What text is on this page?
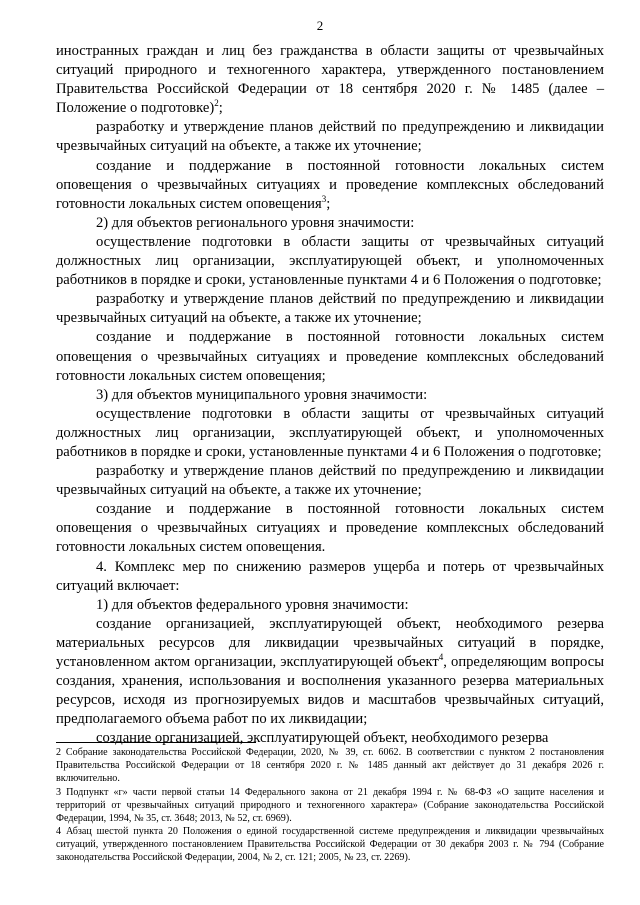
2

иностранных граждан и лиц без гражданства в области защиты от чрезвычайных ситуаций природного и техногенного характера, утвержденного постановлением Правительства Российской Федерации от 18 сентября 2020 г. № 1485 (далее – Положение о подготовке)$^2$;

разработку и утверждение планов действий по предупреждению и ликвидации чрезвычайных ситуаций на объекте, а также их уточнение;

создание и поддержание в постоянной готовности локальных систем оповещения о чрезвычайных ситуациях и проведение комплексных обследований готовности локальных систем оповещения$^3$;

2) для объектов регионального уровня значимости:

осуществление подготовки в области защиты от чрезвычайных ситуаций должностных лиц организации, эксплуатирующей объект, и уполномоченных работников в порядке и сроки, установленные пунктами 4 и 6 Положения о подготовке;

разработку и утверждение планов действий по предупреждению и ликвидации чрезвычайных ситуаций на объекте, а также их уточнение;

создание и поддержание в постоянной готовности локальных систем оповещения о чрезвычайных ситуациях и проведение комплексных обследований готовности локальных систем оповещения;

3) для объектов муниципального уровня значимости:

осуществление подготовки в области защиты от чрезвычайных ситуаций должностных лиц организации, эксплуатирующей объект, и уполномоченных работников в порядке и сроки, установленные пунктами 4 и 6 Положения о подготовке;

разработку и утверждение планов действий по предупреждению и ликвидации чрезвычайных ситуаций на объекте, а также их уточнение;

создание и поддержание в постоянной готовности локальных систем оповещения о чрезвычайных ситуациях и проведение комплексных обследований готовности локальных систем оповещения.

4. Комплекс мер по снижению размеров ущерба и потерь от чрезвычайных ситуаций включает:

1) для объектов федерального уровня значимости:

создание организацией, эксплуатирующей объект, необходимого резерва материальных ресурсов для ликвидации чрезвычайных ситуаций в порядке, установленном актом организации, эксплуатирующей объект$^4$, определяющим вопросы создания, хранения, использования и восполнения указанного резерва материальных ресурсов, исходя из прогнозируемых видов и масштабов чрезвычайных ситуаций, предполагаемого объема работ по их ликвидации;

создание организацией, эксплуатирующей объект, необходимого резерва

2 Собрание законодательства Российской Федерации, 2020, № 39, ст. 6062. В соответствии с пунктом 2 постановления Правительства Российской Федерации от 18 сентября 2020 г. № 1485 данный акт действует до 31 декабря 2026 г. включительно.

3 Подпункт «г» части первой статьи 14 Федерального закона от 21 декабря 1994 г. № 68-ФЗ «О защите населения и территорий от чрезвычайных ситуаций природного и техногенного характера» (Собрание законодательства Российской Федерации, 1994, № 35, ст. 3648; 2013, № 52, ст. 6969).

4 Абзац шестой пункта 20 Положения о единой государственной системе предупреждения и ликвидации чрезвычайных ситуаций, утвержденного постановлением Правительства Российской Федерации от 30 декабря 2003 г. № 794 (Собрание законодательства Российской Федерации, 2004, № 2, ст. 121; 2005, № 23, ст. 2269).
